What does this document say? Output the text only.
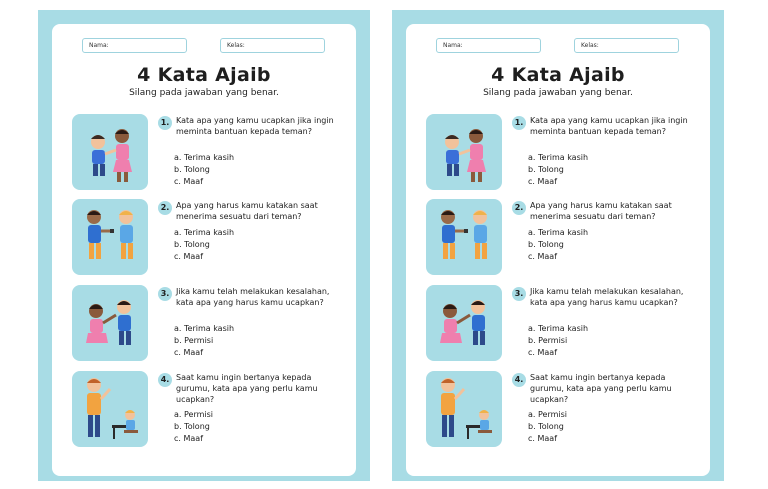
Nama:	Kelas:
4 Kata Ajaib
Silang pada jawaban yang benar.
1. Kata apa yang kamu ucapkan jika ingin meminta bantuan kepada teman?
a. Terima kasih
b. Tolong
c. Maaf
2. Apa yang harus kamu katakan saat menerima sesuatu dari teman?
a. Terima kasih
b. Tolong
c. Maaf
3. Jika kamu telah melakukan kesalahan, kata apa yang harus kamu ucapkan?
a. Terima kasih
b. Permisi
c. Maaf
4. Saat kamu ingin bertanya kepada gurumu, kata apa yang perlu kamu ucapkan?
a. Permisi
b. Tolong
c. Maaf
Nama:	Kelas:
4 Kata Ajaib
Silang pada jawaban yang benar.
1. Kata apa yang kamu ucapkan jika ingin meminta bantuan kepada teman?
a. Terima kasih
b. Tolong
c. Maaf
2. Apa yang harus kamu katakan saat menerima sesuatu dari teman?
a. Terima kasih
b. Tolong
c. Maaf
3. Jika kamu telah melakukan kesalahan, kata apa yang harus kamu ucapkan?
a. Terima kasih
b. Permisi
c. Maaf
4. Saat kamu ingin bertanya kepada gurumu, kata apa yang perlu kamu ucapkan?
a. Permisi
b. Tolong
c. Maaf
